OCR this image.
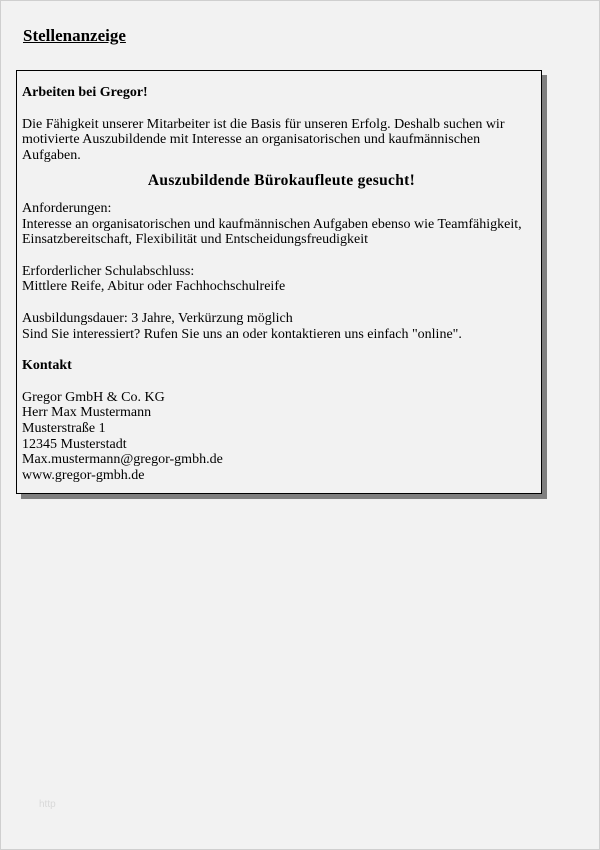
Stellenanzeige

Arbeiten bei Gregor!

Die Fähigkeit unserer Mitarbeiter ist die Basis für unseren Erfolg. Deshalb suchen wir

motivierte Auszubildende mit Interesse an organisatorischen und kaufmännischen Aufgaben.

Auszubildende Bürokaufleute gesucht!

Anforderungen:

Interesse an organisatorischen und kaufmännischen Aufgaben ebenso wie Teamfähigkeit,

Einsatzbereitschaft, Flexibilität und Entscheidungsfreudigkeit

Erforderlicher Schulabschluss:

Mittlere Reife, Abitur oder Fachhochschulreife

Ausbildungsdauer: 3 Jahre, Verkürzung möglich

Sind Sie interessiert? Rufen Sie uns an oder kontaktieren uns einfach "online".

Kontakt

Gregor GmbH & Co. KG

Herr Max Mustermann

Musterstraße 1

12345 Musterstadt

Max.mustermann@gregor-gmbh.de

www.gregor-gmbh.de

http
